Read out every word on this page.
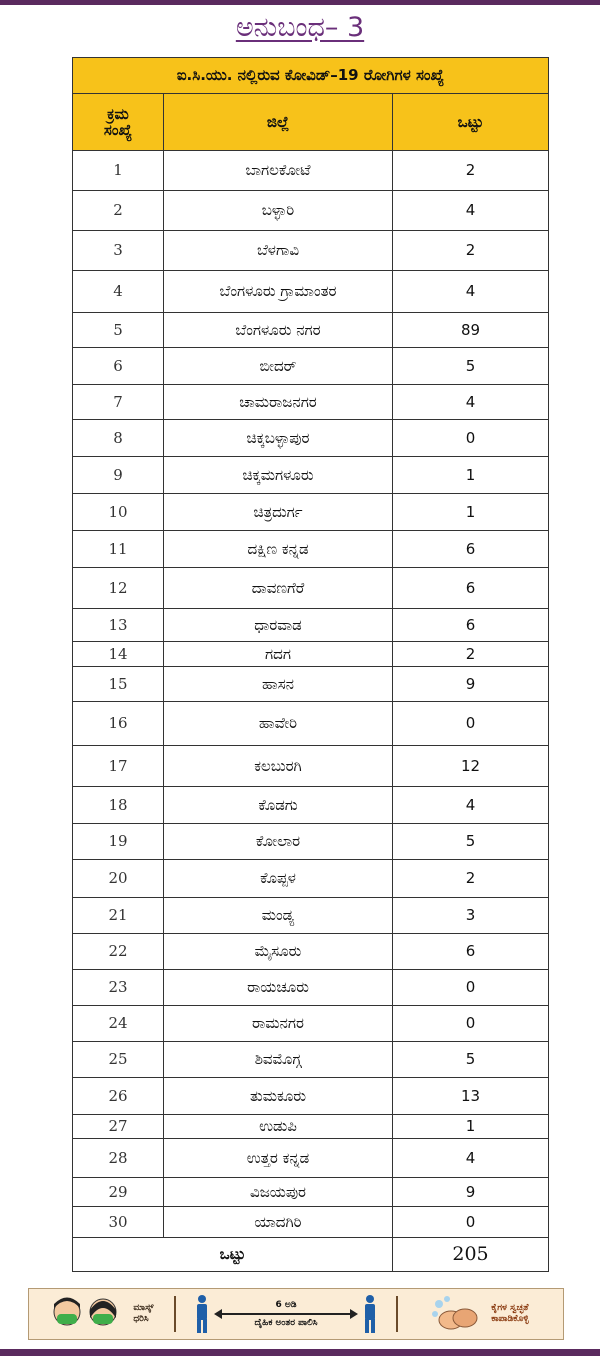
ಅನುಬಂಧ– 3
ಐ.ಸಿ.ಯು. ನಲ್ಲಿರುವ ಕೋವಿಡ್–19 ರೋಗಿಗಳ ಸಂಖ್ಯೆ		

ಕ್ರಮ
ಸಂಖ್ಯೆ	ಜಿಲ್ಲೆ	ಒಟ್ಟು
1	ಬಾಗಲಕೋಟೆ	2
2	ಬಳ್ಳಾರಿ	4
3	ಬೆಳಗಾವಿ	2
4	ಬೆಂಗಳೂರು ಗ್ರಾಮಾಂತರ	4
5	ಬೆಂಗಳೂರು ನಗರ	89
6	ಬೀದರ್	5
7	ಚಾಮರಾಜನಗರ	4
8	ಚಿಕ್ಕಬಳ್ಳಾಪುರ	0
9	ಚಿಕ್ಕಮಗಳೂರು	1
10	ಚಿತ್ರದುರ್ಗ	1
11	ದಕ್ಷಿಣ ಕನ್ನಡ	6
12	ದಾವಣಗೆರೆ	6
13	ಧಾರವಾಡ	6
14	ಗದಗ	2
15	ಹಾಸನ	9
16	ಹಾವೇರಿ	0
17	ಕಲಬುರಗಿ	12
18	ಕೊಡಗು	4
19	ಕೋಲಾರ	5
20	ಕೊಪ್ಪಳ	2
21	ಮಂಡ್ಯ	3
22	ಮೈಸೂರು	6
23	ರಾಯಚೂರು	0
24	ರಾಮನಗರ	0
25	ಶಿವಮೊಗ್ಗ	5
26	ತುಮಕೂರು	13
27	ಉಡುಪಿ	1
28	ಉತ್ತರ ಕನ್ನಡ	4
29	ವಿಜಯಪುರ	9
30	ಯಾದಗಿರಿ	0
ಒಟ್ಟು		205
ಮಾಸ್ಕ್
ಧರಿಸಿ
6 ಅಡಿ
ದೈಹಿಕ ಅಂತರ ಪಾಲಿಸಿ
ಕೈಗಳ ಸ್ವಚ್ಛತೆ
ಕಾಪಾಡಿಕೊಳ್ಳಿ
